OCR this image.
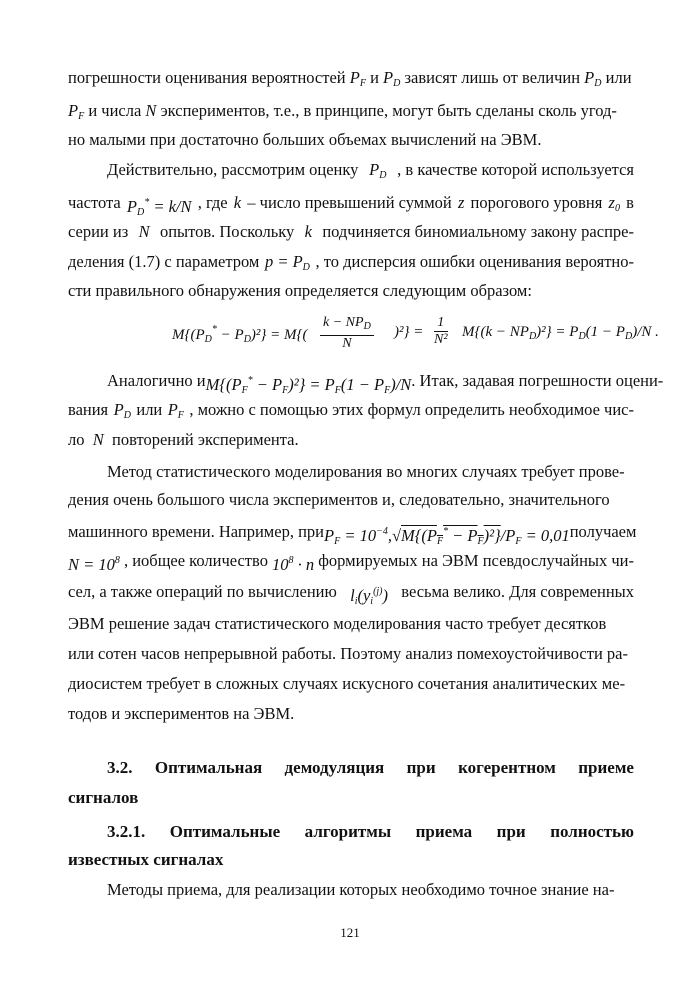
погрешности оценивания вероятностей $P_F$ и $P_D$ зависят лишь от величин $P_D$ или
$P_F$ и числа N экспериментов, т.е., в принципе, могут быть сделаны сколь угод-
но малыми при достаточно больших объемах вычислений на ЭВМ.
Действительно, рассмотрим оценку $P_D$ , в качестве которой используется
частота $P_D^* = k/N$ , где k – число превышений суммой z порогового уровня $z_0$ в
серии из N опытов. Поскольку k подчиняется биномиальному закону распре-
деления (1.7) с параметром $p = P_D$ , то дисперсия ошибки оценивания вероятно-
сти правильного обнаружения определяется следующим образом:
$M\{(P_D^* - P_D)^2\} = M${(
$k - NP_D$
N
)$^2\} = \frac{1}{\text{N²}} M\{(k - NP_D)^2\} = P_D(1 - P_D)/N$ .
Аналогично и $M\{(P_F^* - P_F)^2\} = P_F(1 - P_F)/N$ . Итак, задавая погрешности оцени-
вания $P_D$ или $P_F$ , можно с помощью этих формул определить необходимое чис-
ло  N  повторений эксперимента.
Метод статистического моделирования во многих случаях требует прове-
дения очень большого числа экспериментов и, следовательно, значительного
машинного времени. Например, при $P_F = 10^{-4}$, $√M\{(P_F^* - P_F)^2\}/P_F = 0,01$ получаем
$N = 10^8$ , иобщее количество $10^8 \cdot n$ формируемых на ЭВМ псевдослучайных чи-
сел, а также операций по вычислению $l_i(y_i^{(j)})$ весьма велико. Для современных
ЭВМ решение задач статистического моделирования часто требует десятков
или сотен часов непрерывной работы. Поэтому анализ помехоустойчивости ра-
диосистем требует в сложных случаях искусного сочетания аналитических ме-
тодов и экспериментов на ЭВМ.
3.2. Оптимальная демодуляция при когерентном приеме
сигналов
3.2.1. Оптимальные алгоритмы приема при полностью
известных сигналах
Методы приема, для реализации которых необходимо точное знание на-
121
